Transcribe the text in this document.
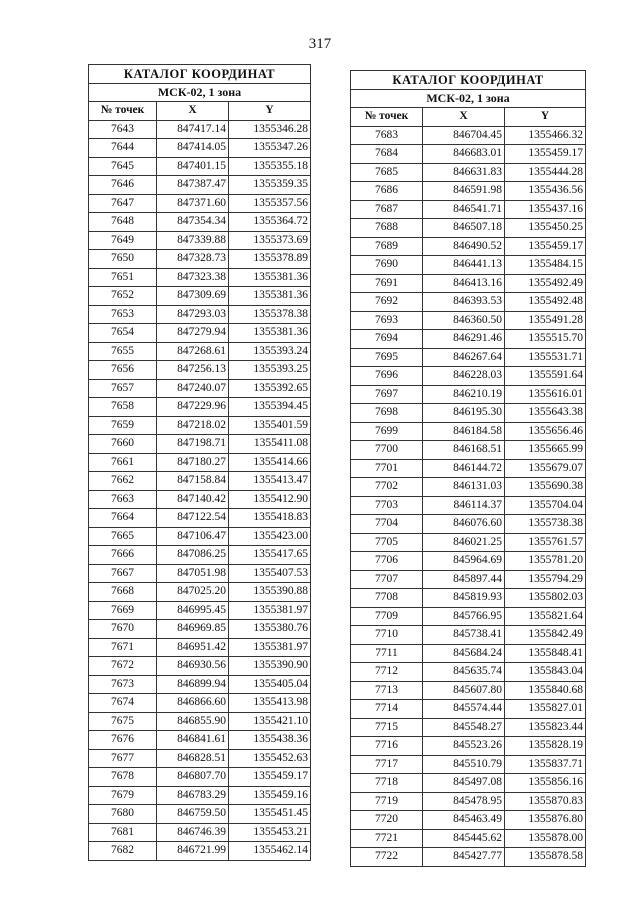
317
КАТАЛОГ КООРДИНАТ		
МСК-02, 1 зона		
№ точек	X	Y
7643	847417.14	1355346.28
7644	847414.05	1355347.26
7645	847401.15	1355355.18
7646	847387.47	1355359.35
7647	847371.60	1355357.56
7648	847354.34	1355364.72
7649	847339.88	1355373.69
7650	847328.73	1355378.89
7651	847323.38	1355381.36
7652	847309.69	1355381.36
7653	847293.03	1355378.38
7654	847279.94	1355381.36
7655	847268.61	1355393.24
7656	847256.13	1355393.25
7657	847240.07	1355392.65
7658	847229.96	1355394.45
7659	847218.02	1355401.59
7660	847198.71	1355411.08
7661	847180.27	1355414.66
7662	847158.84	1355413.47
7663	847140.42	1355412.90
7664	847122.54	1355418.83
7665	847106.47	1355423.00
7666	847086.25	1355417.65
7667	847051.98	1355407.53
7668	847025.20	1355390.88
7669	846995.45	1355381.97
7670	846969.85	1355380.76
7671	846951.42	1355381.97
7672	846930.56	1355390.90
7673	846899.94	1355405.04
7674	846866.60	1355413.98
7675	846855.90	1355421.10
7676	846841.61	1355438.36
7677	846828.51	1355452.63
7678	846807.70	1355459.17
7679	846783.29	1355459.16
7680	846759.50	1355451.45
7681	846746.39	1355453.21
7682	846721.99	1355462.14
КАТАЛОГ КООРДИНАТ		
МСК-02, 1 зона		
№ точек	X	Y
7683	846704.45	1355466.32
7684	846683.01	1355459.17
7685	846631.83	1355444.28
7686	846591.98	1355436.56
7687	846541.71	1355437.16
7688	846507.18	1355450.25
7689	846490.52	1355459.17
7690	846441.13	1355484.15
7691	846413.16	1355492.49
7692	846393.53	1355492.48
7693	846360.50	1355491.28
7694	846291.46	1355515.70
7695	846267.64	1355531.71
7696	846228.03	1355591.64
7697	846210.19	1355616.01
7698	846195.30	1355643.38
7699	846184.58	1355656.46
7700	846168.51	1355665.99
7701	846144.72	1355679.07
7702	846131.03	1355690.38
7703	846114.37	1355704.04
7704	846076.60	1355738.38
7705	846021.25	1355761.57
7706	845964.69	1355781.20
7707	845897.44	1355794.29
7708	845819.93	1355802.03
7709	845766.95	1355821.64
7710	845738.41	1355842.49
7711	845684.24	1355848.41
7712	845635.74	1355843.04
7713	845607.80	1355840.68
7714	845574.44	1355827.01
7715	845548.27	1355823.44
7716	845523.26	1355828.19
7717	845510.79	1355837.71
7718	845497.08	1355856.16
7719	845478.95	1355870.83
7720	845463.49	1355876.80
7721	845445.62	1355878.00
7722	845427.77	1355878.58
